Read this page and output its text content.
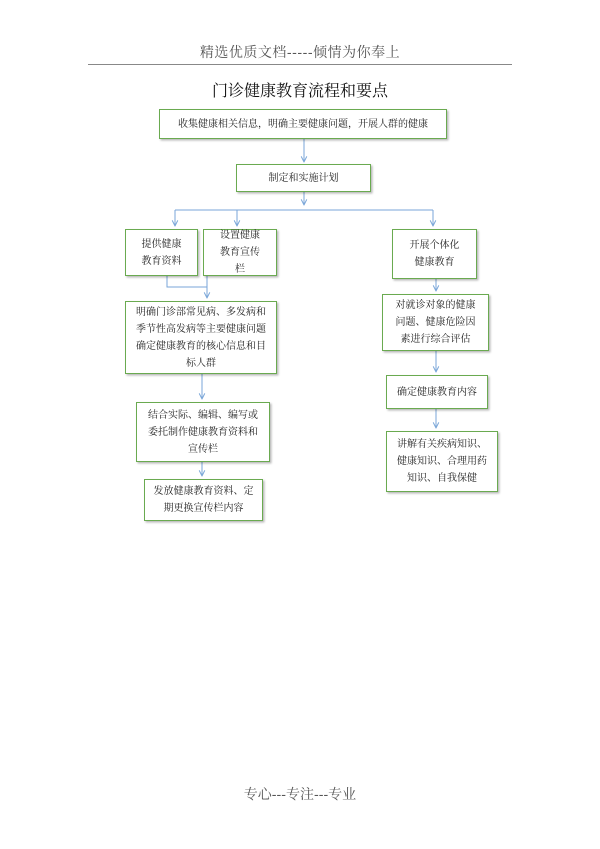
精选优质文档-----倾情为你奉上
门诊健康教育流程和要点
收集健康相关信息，明确主要健康问题，开展人群的健康
制定和实施计划
提供健康教育资料
设置健康教育宣传栏
明确门诊部常见病、多发病和季节性高发病等主要健康问题确定健康教育的核心信息和目标人群
结合实际、编辑、编写或委托制作健康教育资料和宣传栏
发放健康教育资料、定期更换宣传栏内容
开展个体化健康教育
对就诊对象的健康问题、健康危险因素进行综合评估
确定健康教育内容
讲解有关疾病知识、健康知识、合理用药知识、自我保健
专心---专注---专业
